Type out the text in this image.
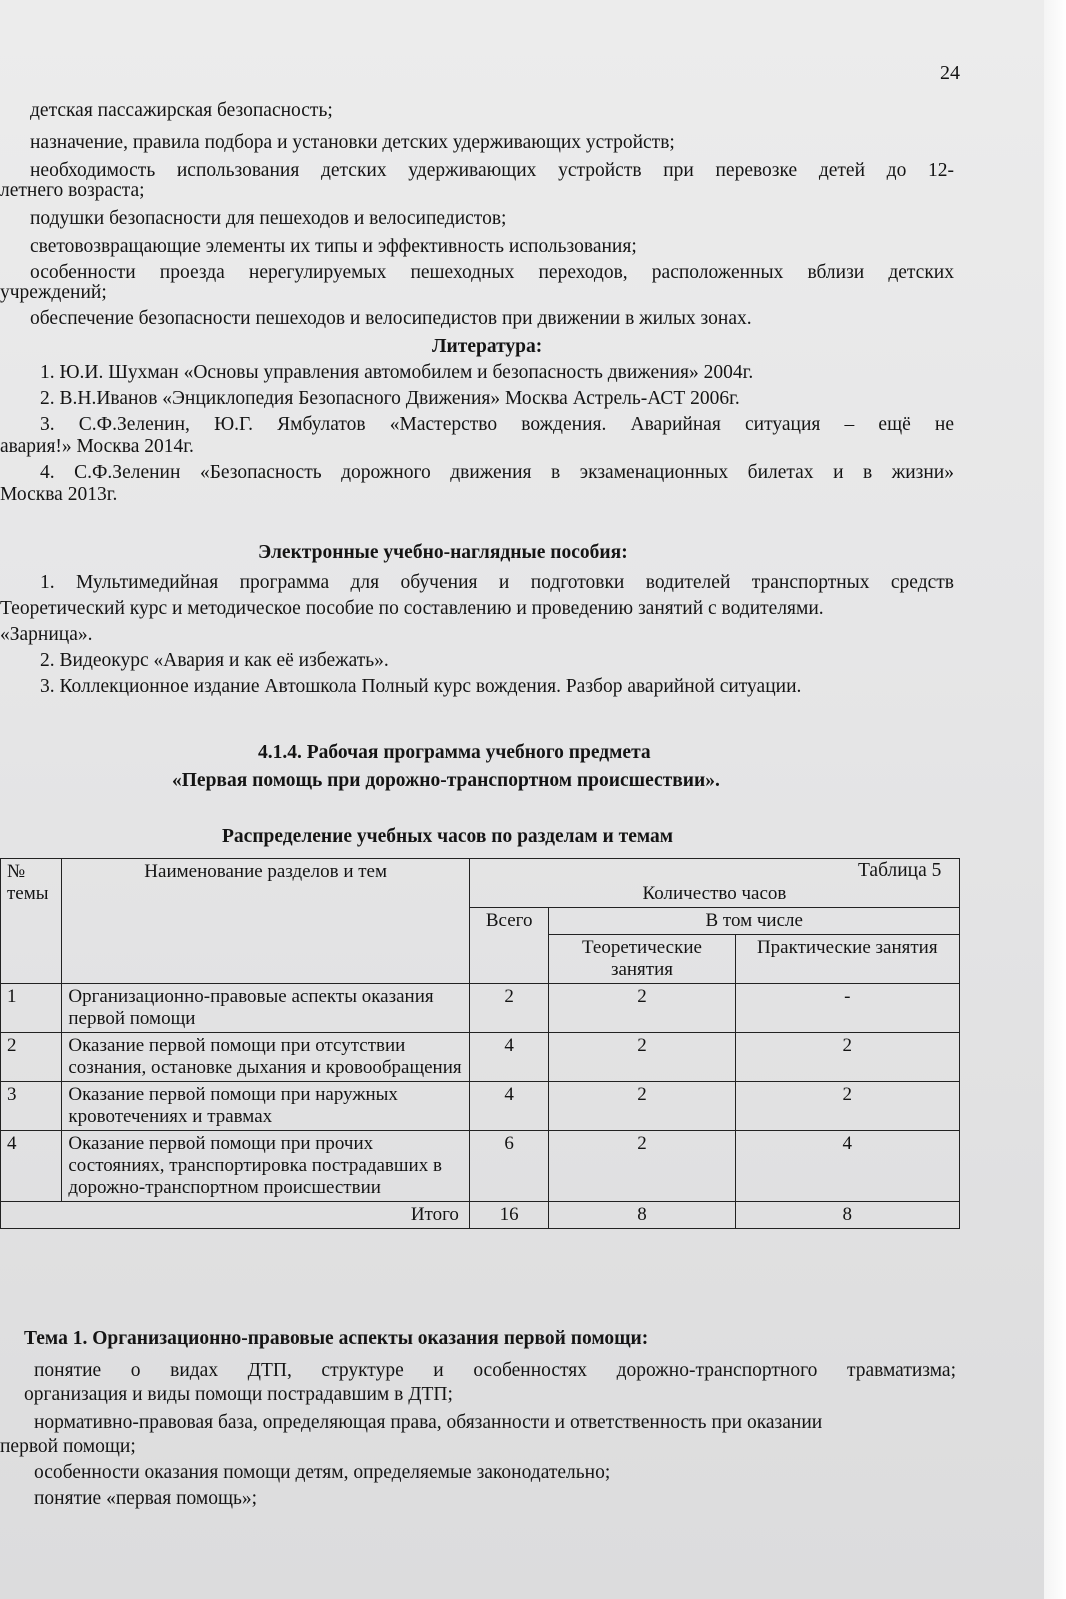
24
детская пассажирская безопасность;
назначение, правила подбора и установки детских удерживающих устройств;
необходимость использования детских удерживающих устройств при перевозке детей до 12-
летнего возраста;
подушки безопасности для пешеходов и велосипедистов;
световозвращающие элементы их типы и эффективность использования;
особенности проезда нерегулируемых пешеходных переходов, расположенных вблизи детских
учреждений;
обеспечение безопасности пешеходов и велосипедистов при движении в жилых зонах.
Литература:
1. Ю.И. Шухман «Основы управления автомобилем и безопасность движения» 2004г.
2. В.Н.Иванов «Энциклопедия Безопасного Движения» Москва Астрель-АСТ 2006г.
3. С.Ф.Зеленин, Ю.Г. Ямбулатов «Мастерство вождения. Аварийная ситуация – ещё не
авария!» Москва 2014г.
4. С.Ф.Зеленин «Безопасность дорожного движения в экзаменационных билетах и в жизни»
Москва 2013г.
Электронные учебно-наглядные пособия:
1. Мультимедийная программа для обучения и подготовки водителей транспортных средств
Теоретический курс и методическое пособие по составлению и проведению занятий с водителями.
«Зарница».
2. Видеокурс «Авария и как её избежать».
3. Коллекционное издание Автошкола Полный курс вождения. Разбор аварийной ситуации.
4.1.4. Рабочая программа учебного предмета
«Первая помощь при дорожно-транспортном происшествии».
Распределение учебных часов по разделам и темам
№ темы	Наименование разделов и тем	Количество часов		
		Всего	В том числе	
			Теоретические занятия	Практические занятия
1	Организационно-правовые аспекты оказания первой помощи	2	2	-
2	Оказание первой помощи при отсутствии сознания, остановке дыхания и кровообращения	4	2	2
3	Оказание первой помощи при наружных кровотечениях и травмах	4	2	2
4	Оказание первой помощи при прочих состояниях, транспортировка пострадавших в дорожно-транспортном происшествии	6	2	4
Итого		16	8	8
Таблица 5
Тема 1. Организационно-правовые аспекты оказания первой помощи:
понятие о видах ДТП, структуре и особенностях дорожно-транспортного травматизма;
организация и виды помощи пострадавшим в ДТП;
нормативно-правовая база, определяющая права, обязанности и ответственность при оказании
первой помощи;
особенности оказания помощи детям, определяемые законодательно;
понятие «первая помощь»;
